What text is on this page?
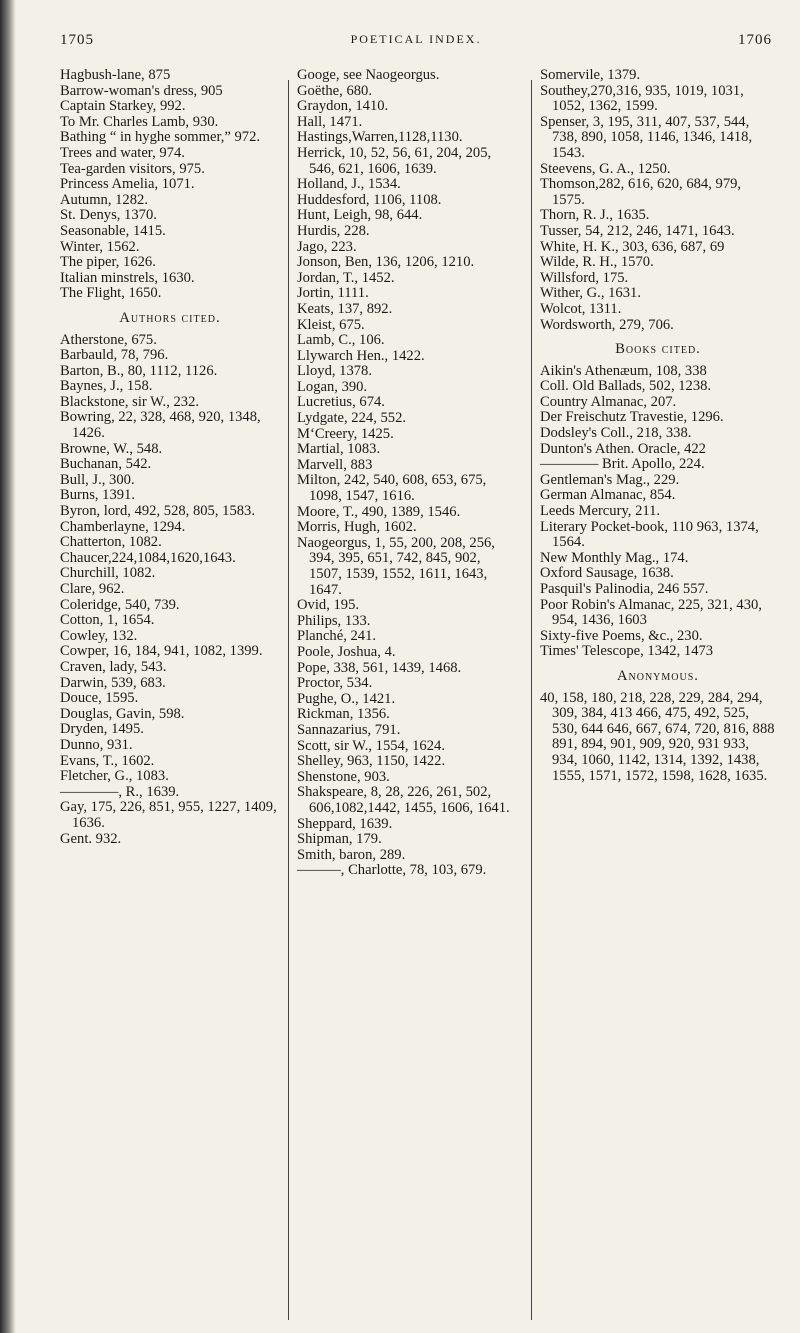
1705	POETICAL INDEX.	1706

Hagbush-lane, 875

Barrow-woman's dress, 905

Captain Starkey, 992.

To Mr. Charles Lamb, 930.

Bathing “ in hyghe sommer,” 972.

Trees and water, 974.

Tea-garden visitors, 975.

Princess Amelia, 1071.

Autumn, 1282.

St. Denys, 1370.

Seasonable, 1415.

Winter, 1562.

The piper, 1626.

Italian minstrels, 1630.

The Flight, 1650.

Authors cited.

Atherstone, 675.

Barbauld, 78, 796.

Barton, B., 80, 1112, 1126.

Baynes, J., 158.

Blackstone, sir W., 232.

Bowring, 22, 328, 468, 920, 1348, 1426.

Browne, W., 548.

Buchanan, 542.

Bull, J., 300.

Burns, 1391.

Byron, lord, 492, 528, 805, 1583.

Chamberlayne, 1294.

Chatterton, 1082.

Chaucer,224,1084,1620,1643.

Churchill, 1082.

Clare, 962.

Coleridge, 540, 739.

Cotton, 1, 1654.

Cowley, 132.

Cowper, 16, 184, 941, 1082, 1399.

Craven, lady, 543.

Darwin, 539, 683.

Douce, 1595.

Douglas, Gavin, 598.

Dryden, 1495.

Dunno, 931.

Evans, T., 1602.

Fletcher, G., 1083.

————, R., 1639.

Gay, 175, 226, 851, 955, 1227, 1409, 1636.

Gent. 932.

Googe, see Naogeorgus.

Goëthe, 680.

Graydon, 1410.

Hall, 1471.

Hastings,Warren,1128,1130.

Herrick, 10, 52, 56, 61, 204, 205, 546, 621, 1606, 1639.

Holland, J., 1534.

Huddesford, 1106, 1108.

Hunt, Leigh, 98, 644.

Hurdis, 228.

Jago, 223.

Jonson, Ben, 136, 1206, 1210.

Jordan, T., 1452.

Jortin, 1111.

Keats, 137, 892.

Kleist, 675.

Lamb, C., 106.

Llywarch Hen., 1422.

Lloyd, 1378.

Logan, 390.

Lucretius, 674.

Lydgate, 224, 552.

M‘Creery, 1425.

Martial, 1083.

Marvell, 883

Milton, 242, 540, 608, 653, 675, 1098, 1547, 1616.

Moore, T., 490, 1389, 1546.

Morris, Hugh, 1602.

Naogeorgus, 1, 55, 200, 208, 256, 394, 395, 651, 742, 845, 902, 1507, 1539, 1552, 1611, 1643, 1647.

Ovid, 195.

Philips, 133.

Planché, 241.

Poole, Joshua, 4.

Pope, 338, 561, 1439, 1468.

Proctor, 534.

Pughe, O., 1421.

Rickman, 1356.

Sannazarius, 791.

Scott, sir W., 1554, 1624.

Shelley, 963, 1150, 1422.

Shenstone, 903.

Shakspeare, 8, 28, 226, 261, 502, 606,1082,1442, 1455, 1606, 1641.

Sheppard, 1639.

Shipman, 179.

Smith, baron, 289.

———, Charlotte, 78, 103, 679.

Somervile, 1379.

Southey,270,316, 935, 1019, 1031, 1052, 1362, 1599.

Spenser, 3, 195, 311, 407, 537, 544, 738, 890, 1058, 1146, 1346, 1418, 1543.

Steevens, G. A., 1250.

Thomson,282, 616, 620, 684, 979, 1575.

Thorn, R. J., 1635.

Tusser, 54, 212, 246, 1471, 1643.

White, H. K., 303, 636, 687, 69

Wilde, R. H., 1570.

Willsford, 175.

Wither, G., 1631.

Wolcot, 1311.

Wordsworth, 279, 706.

Books cited.

Aikin's Athenæum, 108, 338

Coll. Old Ballads, 502, 1238.

Country Almanac, 207.

Der Freischutz Travestie, 1296.

Dodsley's Coll., 218, 338.

Dunton's Athen. Oracle, 422

———— Brit. Apollo, 224.

Gentleman's Mag., 229.

German Almanac, 854.

Leeds Mercury, 211.

Literary Pocket-book, 110 963, 1374, 1564.

New Monthly Mag., 174.

Oxford Sausage, 1638.

Pasquil's Palinodia, 246 557.

Poor Robin's Almanac, 225, 321, 430, 954, 1436, 1603

Sixty-five Poems, &c., 230.

Times' Telescope, 1342, 1473

Anonymous.

40, 158, 180, 218, 228, 229, 284, 294, 309, 384, 413 466, 475, 492, 525, 530, 644 646, 667, 674, 720, 816, 888 891, 894, 901, 909, 920, 931 933, 934, 1060, 1142, 1314, 1392, 1438, 1555, 1571, 1572, 1598, 1628, 1635.
